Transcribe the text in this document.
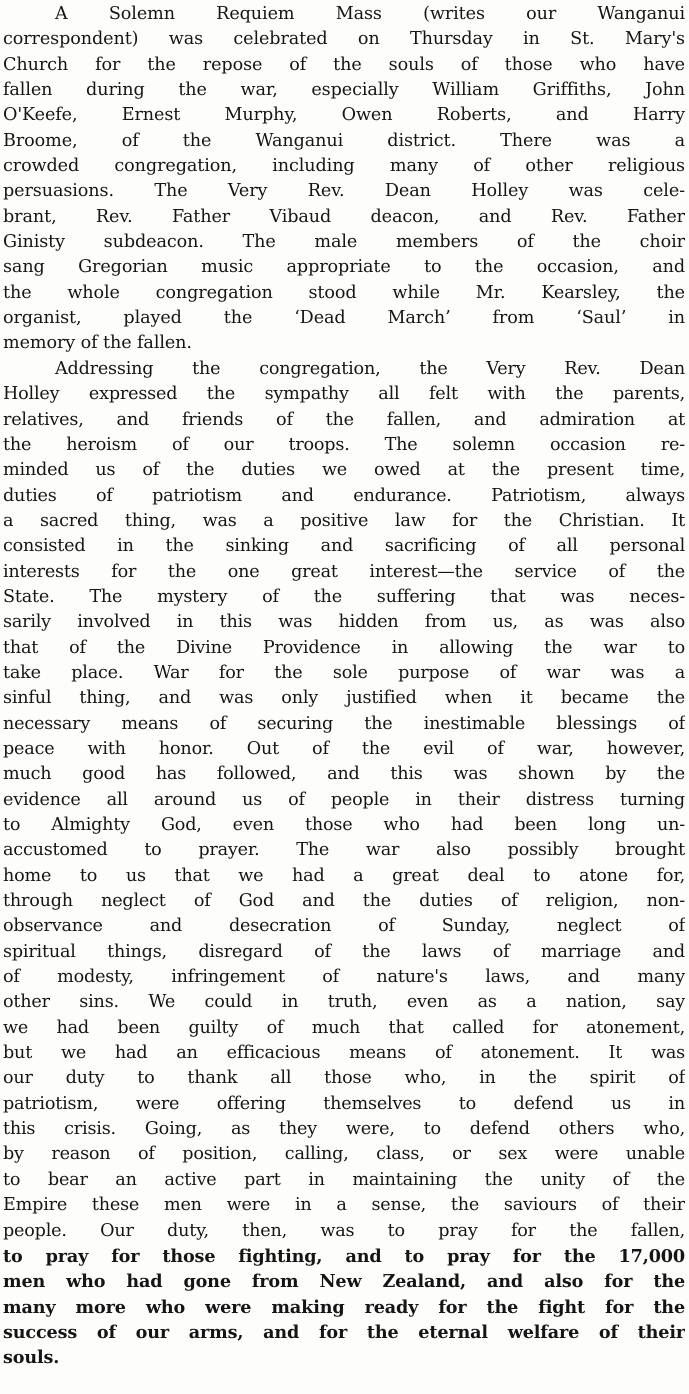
A Solemn Requiem Mass (writes our Wanganui
correspondent) was celebrated on Thursday in St. Mary's
Church for the repose of the souls of those who have
fallen during the war, especially William Griffiths, John
O'Keefe, Ernest Murphy, Owen Roberts, and Harry
Broome, of the Wanganui district. There was a
crowded congregation, including many of other religious
persuasions. The Very Rev. Dean Holley was cele-
brant, Rev. Father Vibaud deacon, and Rev. Father
Ginisty subdeacon. The male members of the choir
sang Gregorian music appropriate to the occasion, and
the whole congregation stood while Mr. Kearsley, the
organist, played the ‘Dead March’ from ‘Saul’ in
memory of the fallen.
Addressing the congregation, the Very Rev. Dean
Holley expressed the sympathy all felt with the parents,
relatives, and friends of the fallen, and admiration at
the heroism of our troops. The solemn occasion re-
minded us of the duties we owed at the present time,
duties of patriotism and endurance. Patriotism, always
a sacred thing, was a positive law for the Christian. It
consisted in the sinking and sacrificing of all personal
interests for the one great interest—the service of the
State. The mystery of the suffering that was neces-
sarily involved in this was hidden from us, as was also
that of the Divine Providence in allowing the war to
take place. War for the sole purpose of war was a
sinful thing, and was only justified when it became the
necessary means of securing the inestimable blessings of
peace with honor. Out of the evil of war, however,
much good has followed, and this was shown by the
evidence all around us of people in their distress turning
to Almighty God, even those who had been long un-
accustomed to prayer. The war also possibly brought
home to us that we had a great deal to atone for,
through neglect of God and the duties of religion, non-
observance and desecration of Sunday, neglect of
spiritual things, disregard of the laws of marriage and
of modesty, infringement of nature's laws, and many
other sins. We could in truth, even as a nation, say
we had been guilty of much that called for atonement,
but we had an efficacious means of atonement. It was
our duty to thank all those who, in the spirit of
patriotism, were offering themselves to defend us in
this crisis. Going, as they were, to defend others who,
by reason of position, calling, class, or sex were unable
to bear an active part in maintaining the unity of the
Empire these men were in a sense, the saviours of their
people. Our duty, then, was to pray for the fallen,
to pray for those fighting, and to pray for the 17,000
men who had gone from New Zealand, and also for the
many more who were making ready for the fight for the
success of our arms, and for the eternal welfare of their
souls.
